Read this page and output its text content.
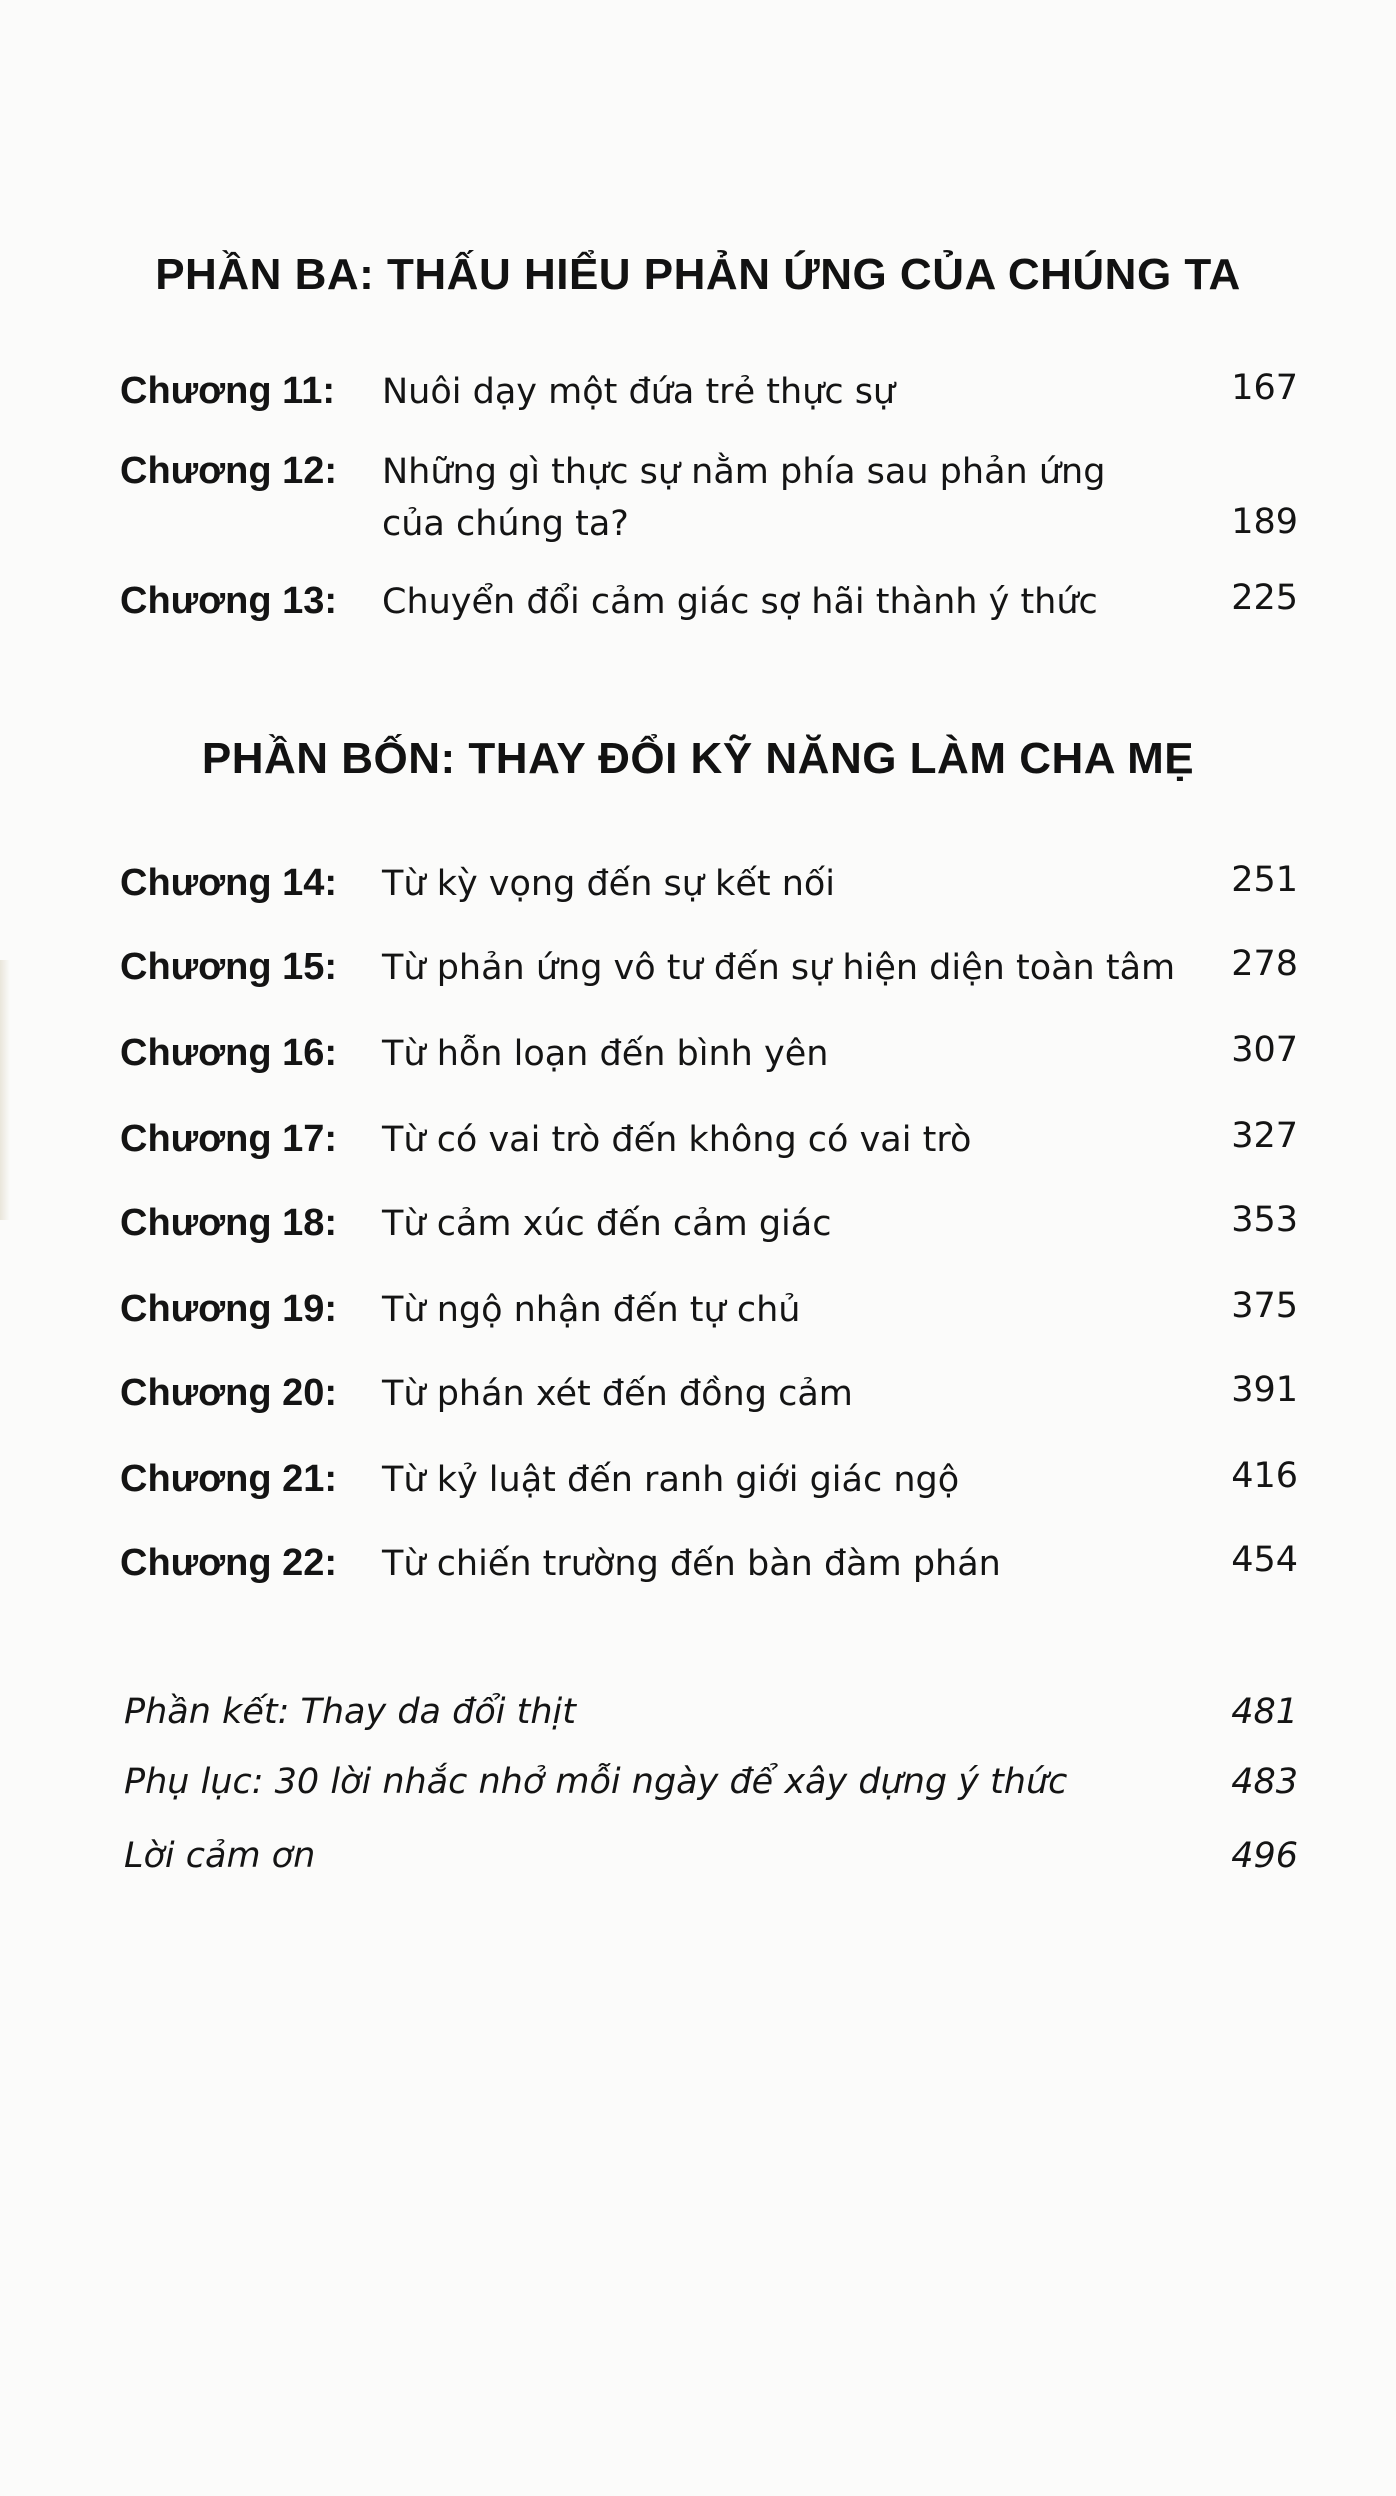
PHẦN BA: THẤU HIỂU PHẢN ỨNG CỦA CHÚNG TA
Chương 11: Nuôi dạy một đứa trẻ thực sự	167
Chương 12: Những gì thực sự nằm phía sau phản ứng
của chúng ta?	189
Chương 13: Chuyển đổi cảm giác sợ hãi thành ý thức	225
PHẦN BỐN: THAY ĐỔI KỸ NĂNG LÀM CHA MẸ
Chương 14: Từ kỳ vọng đến sự kết nối	251
Chương 15: Từ phản ứng vô tư đến sự hiện diện toàn tâm 278
Chương 16: Từ hỗn loạn đến bình yên	307
Chương 17: Từ có vai trò đến không có vai trò	327
Chương 18: Từ cảm xúc đến cảm giác	353
Chương 19: Từ ngộ nhận đến tự chủ	375
Chương 20: Từ phán xét đến đồng cảm	391
Chương 21: Từ kỷ luật đến ranh giới giác ngộ	416
Chương 22: Từ chiến trường đến bàn đàm phán	454
Phần kết: Thay da đổi thịt	481
Phụ lục: 30 lời nhắc nhở mỗi ngày để xây dựng ý thức	483
Lời cảm ơn	496
